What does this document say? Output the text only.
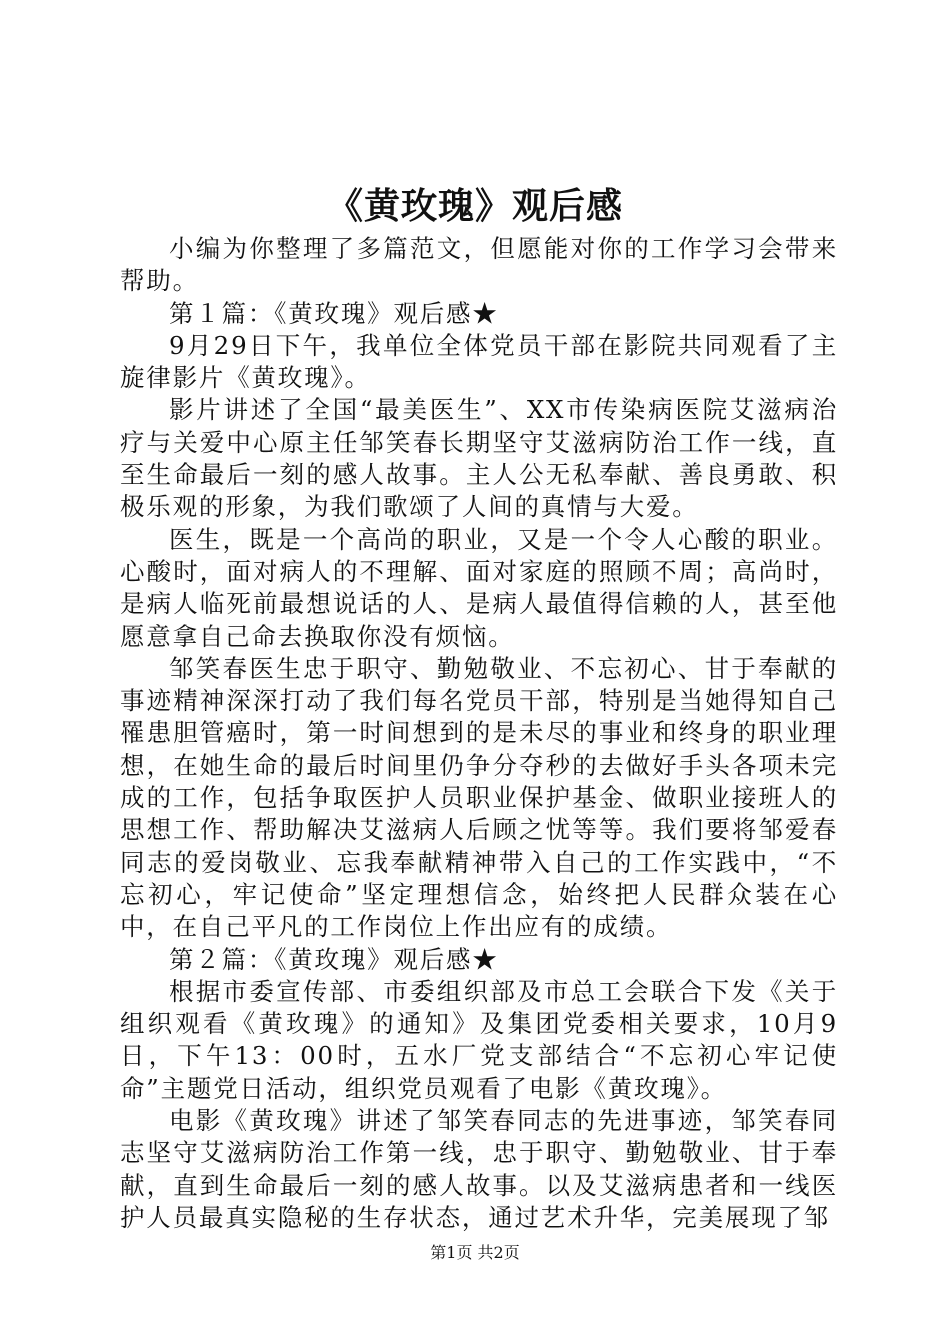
《黄玫瑰》观后感

小编为你整理了多篇范文，但愿能对你的工作学习会带来帮助。

第１篇：《黄玫瑰》观后感★

9月29日下午，我单位全体党员干部在影院共同观看了主旋律影片《黄玫瑰》。

影片讲述了全国“最美医生”、XX市传染病医院艾滋病治疗与关爱中心原主任邹笑春长期坚守艾滋病防治工作一线，直至生命最后一刻的感人故事。主人公无私奉献、善良勇敢、积极乐观的形象，为我们歌颂了人间的真情与大爱。

医生，既是一个高尚的职业，又是一个令人心酸的职业。心酸时，面对病人的不理解、面对家庭的照顾不周；高尚时，是病人临死前最想说话的人、是病人最值得信赖的人，甚至他愿意拿自己命去换取你没有烦恼。

邹笑春医生忠于职守、勤勉敬业、不忘初心、甘于奉献的事迹精神深深打动了我们每名党员干部，特别是当她得知自己罹患胆管癌时，第一时间想到的是未尽的事业和终身的职业理想，在她生命的最后时间里仍争分夺秒的去做好手头各项未完成的工作，包括争取医护人员职业保护基金、做职业接班人的思想工作、帮助解决艾滋病人后顾之忧等等。我们要将邹爱春同志的爱岗敬业、忘我奉献精神带入自己的工作实践中，“不忘初心，牢记使命”坚定理想信念，始终把人民群众装在心中，在自己平凡的工作岗位上作出应有的成绩。

第２篇：《黄玫瑰》观后感★

根据市委宣传部、市委组织部及市总工会联合下发《关于组织观看《黄玫瑰》的通知》及集团党委相关要求，10月9日，下午13：00时，五水厂党支部结合“不忘初心牢记使命”主题党日活动，组织党员观看了电影《黄玫瑰》。

电影《黄玫瑰》讲述了邹笑春同志的先进事迹，邹笑春同志坚守艾滋病防治工作第一线，忠于职守、勤勉敬业、甘于奉献，直到生命最后一刻的感人故事。以及艾滋病患者和一线医护人员最真实隐秘的生存状态，通过艺术升华，完美展现了邹

第1页 共2页
